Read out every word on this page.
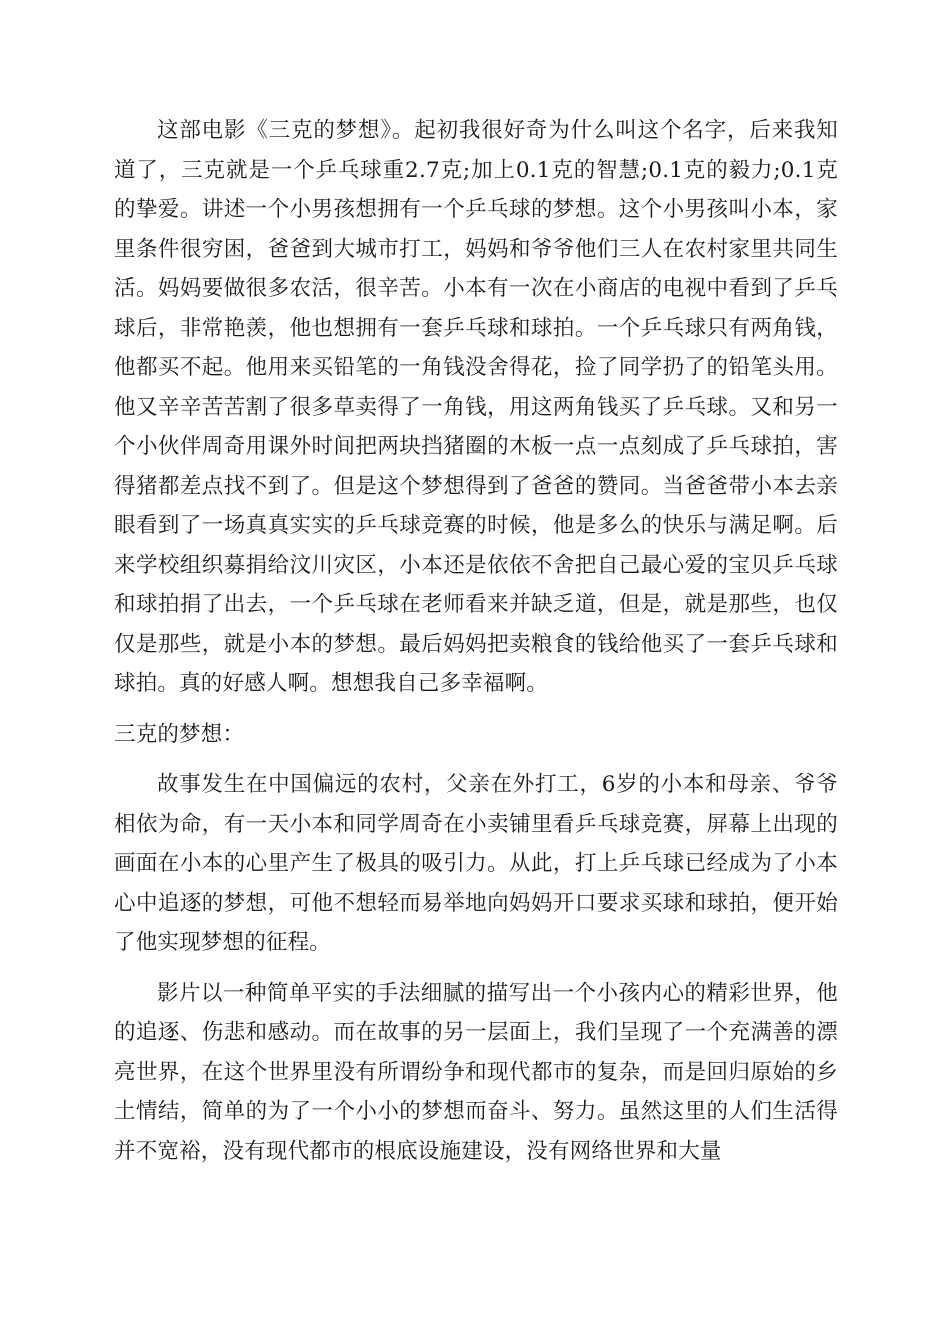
这部电影《三克的梦想》。起初我很好奇为什么叫这个名字，后来我知道了，三克就是一个乒乓球重2.7克;加上0.1克的智慧;0.1克的毅力;0.1克的挚爱。讲述一个小男孩想拥有一个乒乓球的梦想。这个小男孩叫小本，家里条件很穷困，爸爸到大城市打工，妈妈和爷爷他们三人在农村家里共同生活。妈妈要做很多农活，很辛苦。小本有一次在小商店的电视中看到了乒乓球后，非常艳羡，他也想拥有一套乒乓球和球拍。一个乒乓球只有两角钱，他都买不起。他用来买铅笔的一角钱没舍得花，捡了同学扔了的铅笔头用。他又辛辛苦苦割了很多草卖得了一角钱，用这两角钱买了乒乓球。又和另一个小伙伴周奇用课外时间把两块挡猪圈的木板一点一点刻成了乒乓球拍，害得猪都差点找不到了。但是这个梦想得到了爸爸的赞同。当爸爸带小本去亲眼看到了一场真真实实的乒乓球竞赛的时候，他是多么的快乐与满足啊。后来学校组织募捐给汶川灾区，小本还是依依不舍把自己最心爱的宝贝乒乓球和球拍捐了出去，一个乒乓球在老师看来并缺乏道，但是，就是那些，也仅仅是那些，就是小本的梦想。最后妈妈把卖粮食的钱给他买了一套乒乓球和球拍。真的好感人啊。想想我自己多幸福啊。

三克的梦想：

故事发生在中国偏远的农村，父亲在外打工，6岁的小本和母亲、爷爷相依为命，有一天小本和同学周奇在小卖铺里看乒乓球竞赛，屏幕上出现的画面在小本的心里产生了极具的吸引力。从此，打上乒乓球已经成为了小本心中追逐的梦想，可他不想轻而易举地向妈妈开口要求买球和球拍，便开始了他实现梦想的征程。

影片以一种简单平实的手法细腻的描写出一个小孩内心的精彩世界，他的追逐、伤悲和感动。而在故事的另一层面上，我们呈现了一个充满善的漂亮世界，在这个世界里没有所谓纷争和现代都市的复杂，而是回归原始的乡土情结，简单的为了一个小小的梦想而奋斗、努力。虽然这里的人们生活得并不宽裕，没有现代都市的根底设施建设，没有网络世界和大量
